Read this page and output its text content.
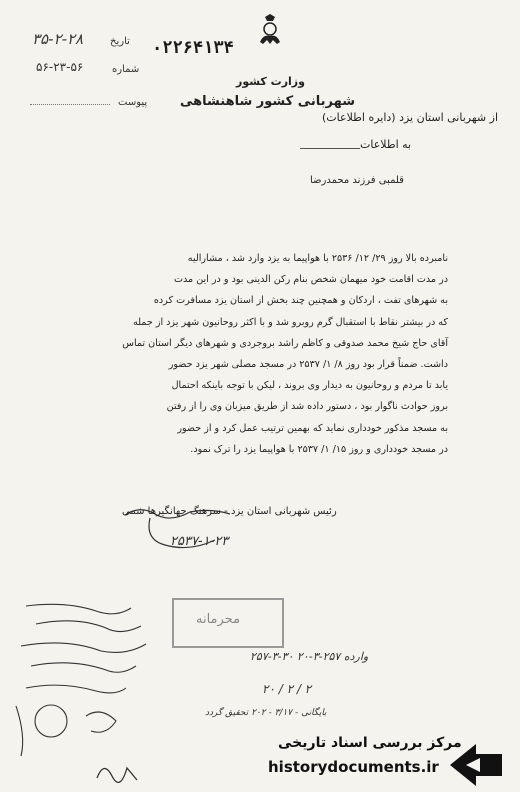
۰۲۲۶۴۱۳۴
تاریخ
۳۵-۲-۲۸
شماره
۵۶-۲۳-۵۶
پیوست
وزارت کشور
شهربانی کشور شاهنشاهی
از شهربانی استان یزد (دایره اطلاعات)
به اطلاعات
قلمبی فرزند محمدرضا
نامبرده بالا روز ۲۹/ ۱۲/ ۲۵۳۶ با هواپیما به یزد وارد شد ، مشارالیه
در مدت اقامت خود میهمان شخص بنام رکن الدینی بود و در این مدت
به شهرهای تفت ، اردکان و همچنین چند بخش از استان یزد مسافرت کرده
که در بیشتر نقاط با استقبال گرم روبرو شد و با اکثر روحانیون شهر یزد از جمله
آقای حاج شیخ محمد صدوقی و کاظم راشد بروجردی و شهرهای دیگر استان تماس
داشت. ضمناً قرار بود روز ۸/ ۱/ ۲۵۳۷ در مسجد مصلی شهر یزد حضور
یابد تا مردم و روحانیون به دیدار وی بروند ، لیکن با توجه باینکه احتمال
بروز حوادث ناگوار بود ، دستور داده شد از طریق میزبان وی را از رفتن
به مسجد مذکور خودداری نماید که بهمین ترتیب عمل کرد و از حضور
در مسجد خودداری و روز ۱۵/ ۱/ ۲۵۳۷ با هواپیما یزد را ترک نمود.
رئیس شهربانی استان یزد - سرهنگ جهانگیرها شمی
۲۵۳۷-۱-۲۳
محرمانه
۲۵۷-۳-۳۰ وارده ۲۵۷-۳-۲۰
۲۰ / ۲ / ۲
بایگانی - ۳/۱۷ - ۲۰۲ تحقیق گردد
مرکز بررسی اسناد تاریخی
historydocuments.ir
